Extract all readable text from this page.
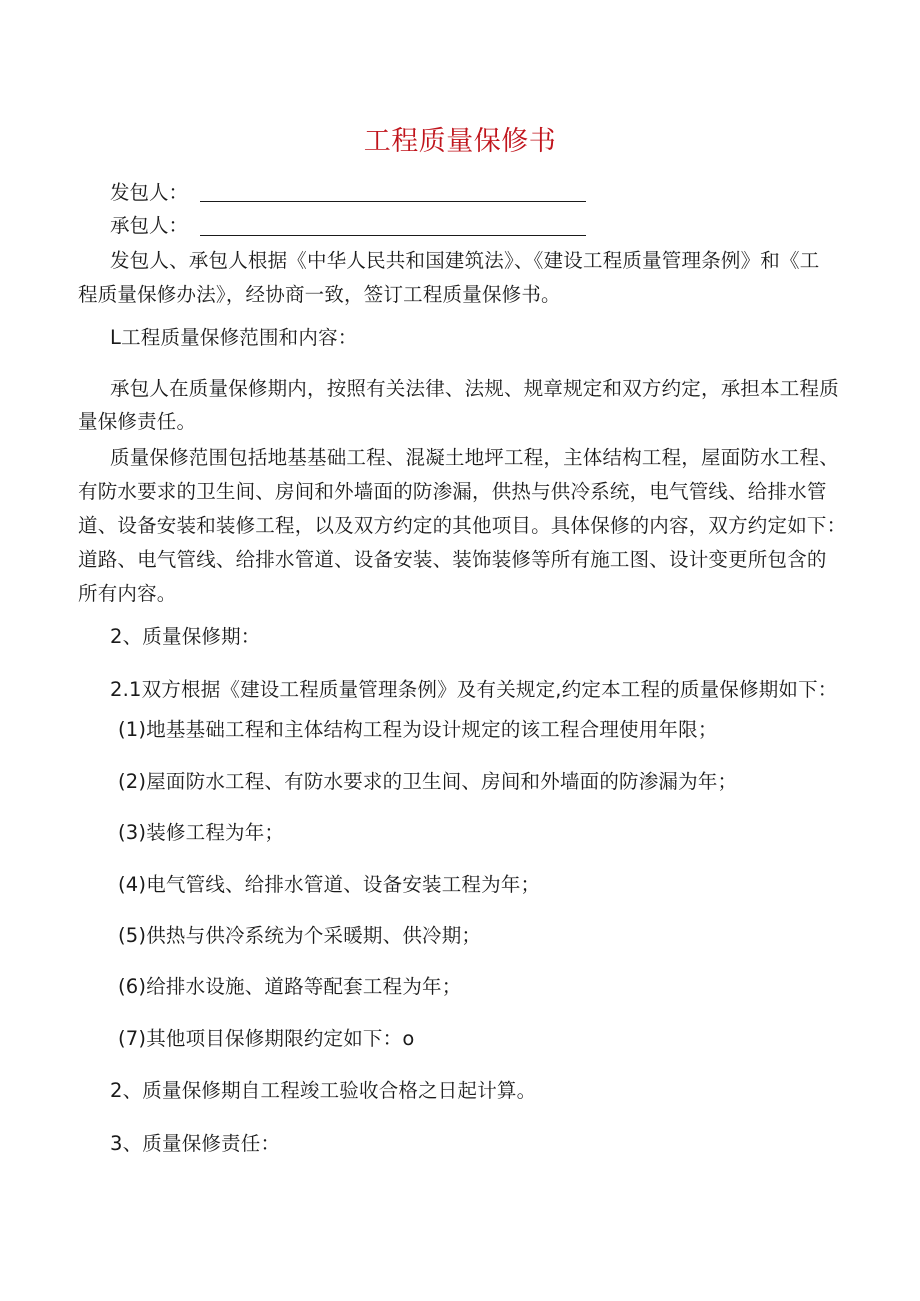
工程质量保修书
发包人：
承包人：
发包人、承包人根据《中华人民共和国建筑法》、《建设工程质量管理条例》和《工
程质量保修办法》，经协商一致，签订工程质量保修书。
L工程质量保修范围和内容：
承包人在质量保修期内，按照有关法律、法规、规章规定和双方约定，承担本工程质
量保修责任。
质量保修范围包括地基基础工程、混凝土地坪工程，主体结构工程，屋面防水工程、
有防水要求的卫生间、房间和外墙面的防渗漏，供热与供冷系统，电气管线、给排水管
道、设备安装和装修工程，以及双方约定的其他项目。具体保修的内容，双方约定如下：
道路、电气管线、给排水管道、设备安装、装饰装修等所有施工图、设计变更所包含的
所有内容。
2、质量保修期：
2.1双方根据《建设工程质量管理条例》及有关规定,约定本工程的质量保修期如下：
(1)地基基础工程和主体结构工程为设计规定的该工程合理使用年限；
(2)屋面防水工程、有防水要求的卫生间、房间和外墙面的防渗漏为年；
(3)装修工程为年；
(4)电气管线、给排水管道、设备安装工程为年；
(5)供热与供冷系统为个采暖期、供冷期；
(6)给排水设施、道路等配套工程为年；
(7)其他项目保修期限约定如下：o
2、质量保修期自工程竣工验收合格之日起计算。
3、质量保修责任：
